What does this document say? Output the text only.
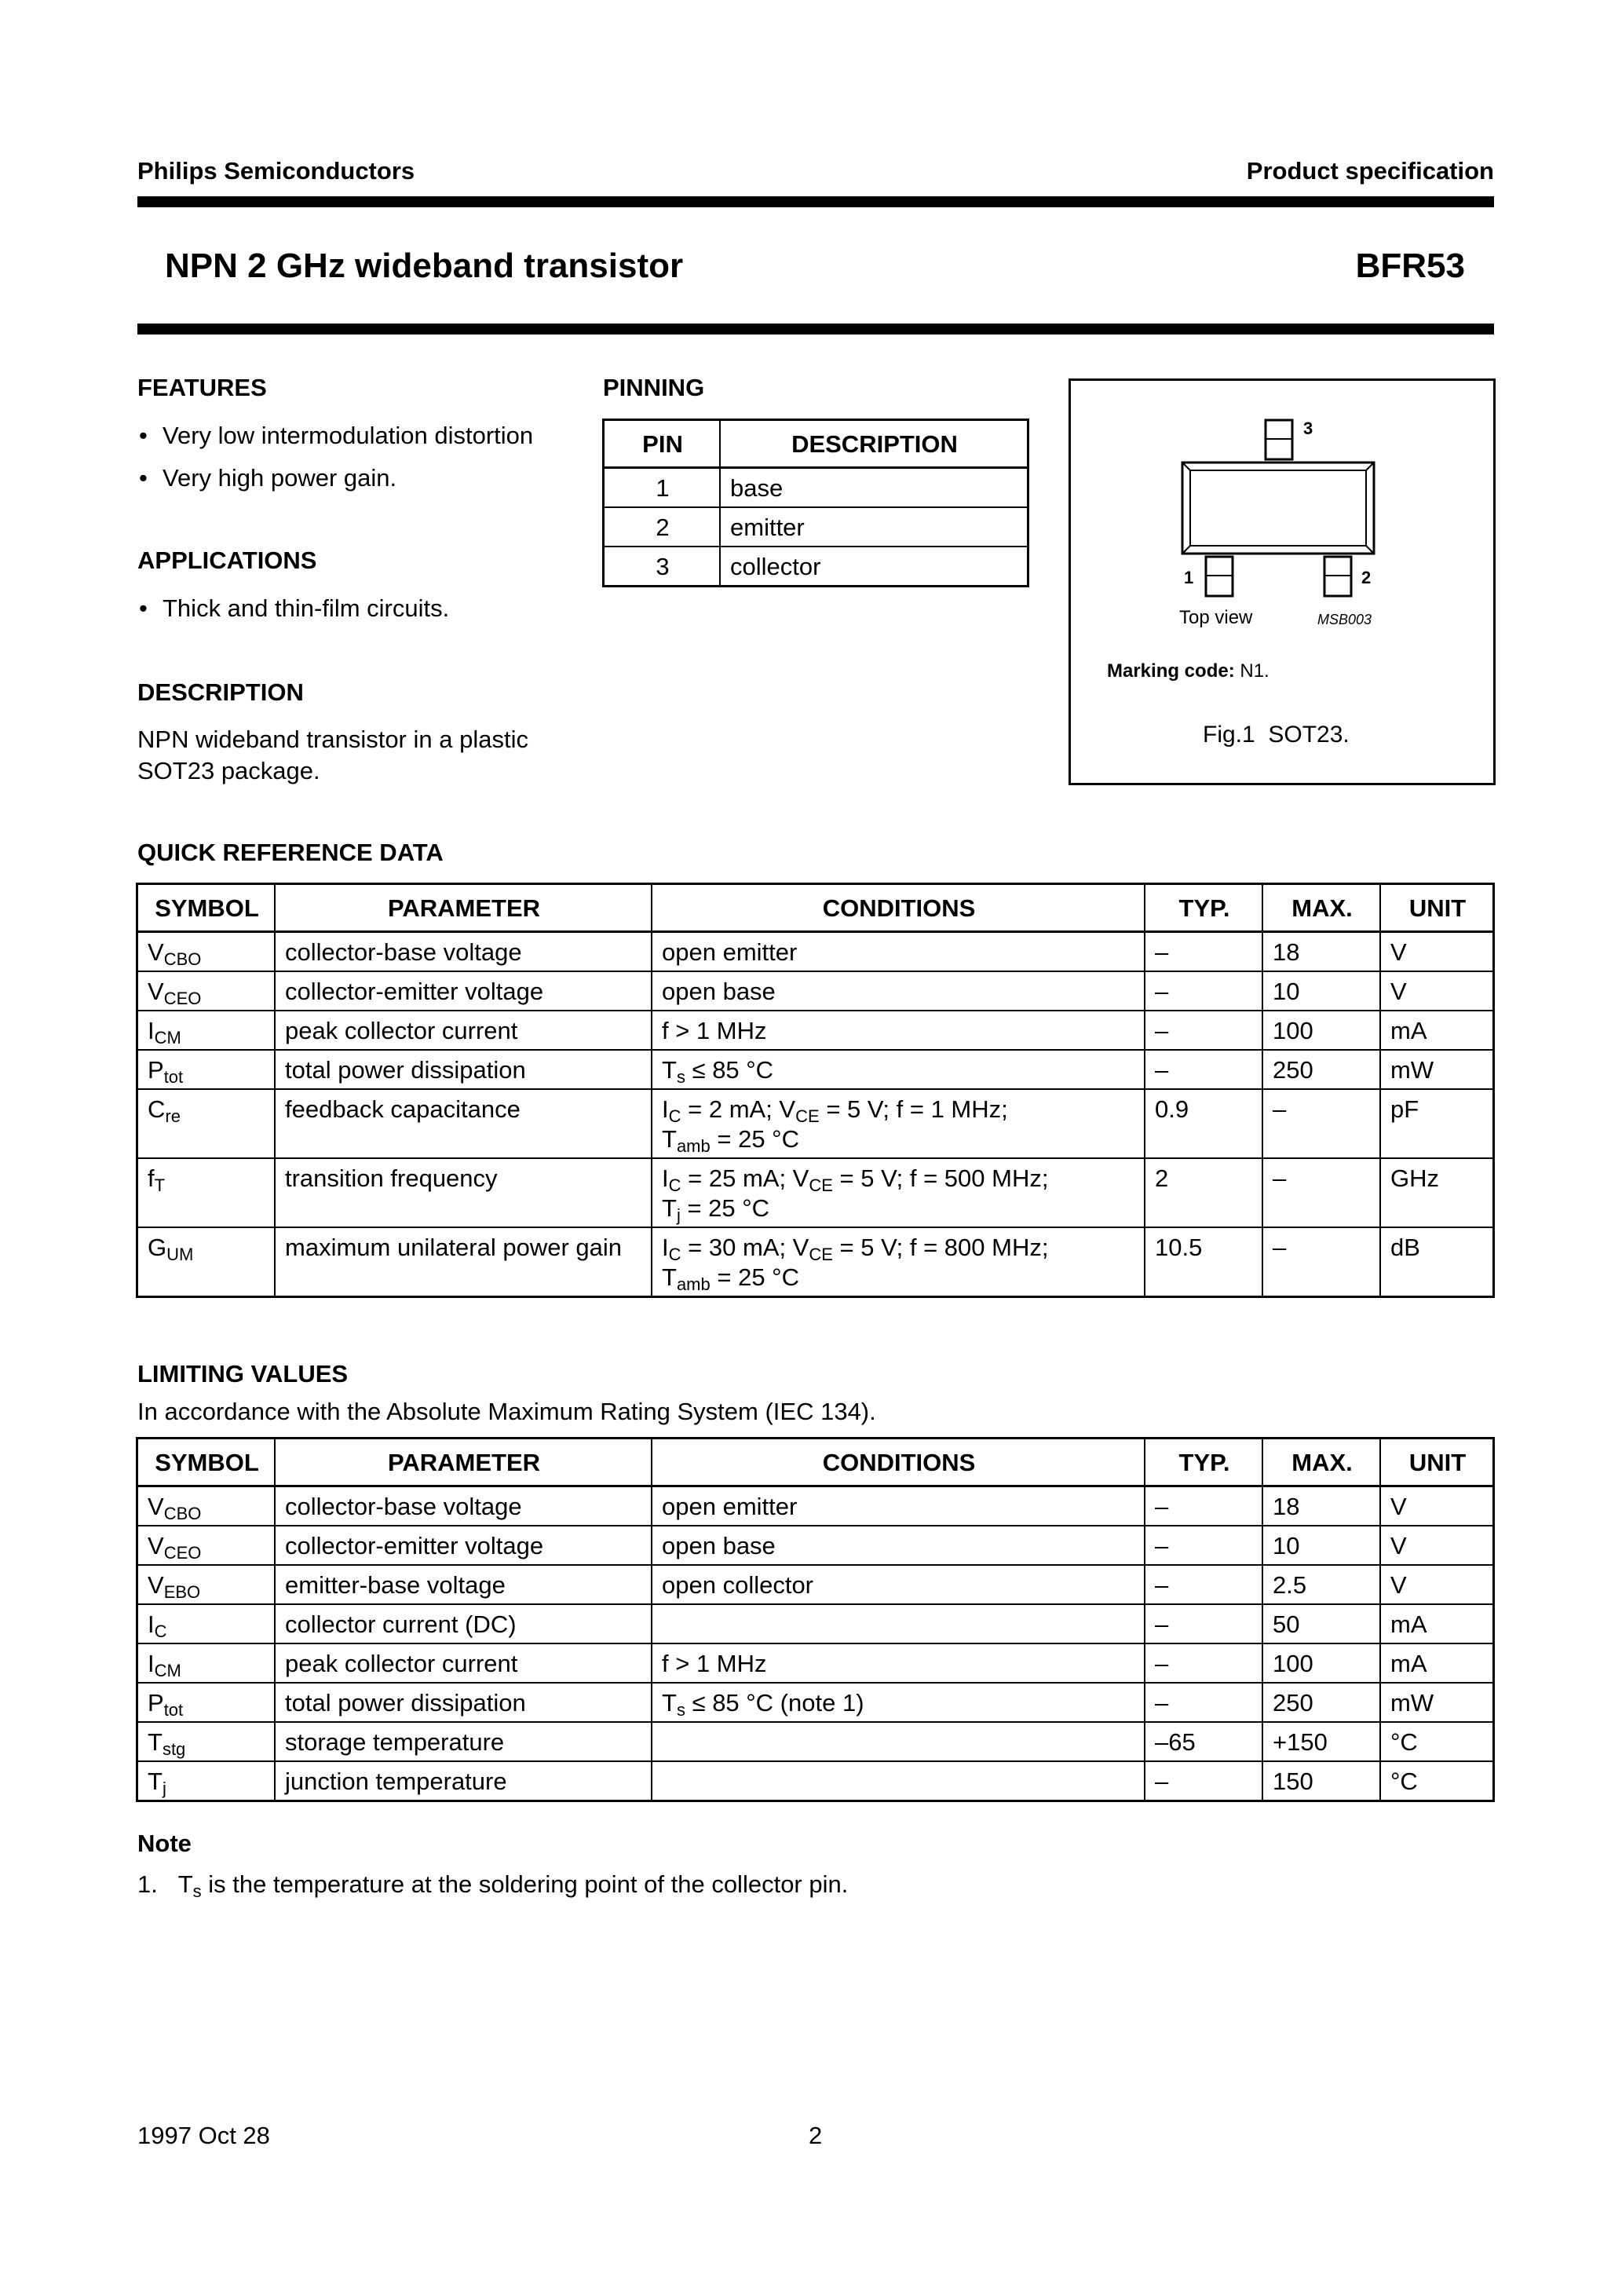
Philips Semiconductors	Product specification
NPN 2 GHz wideband transistor	BFR53
FEATURES
• Very low intermodulation distortion
• Very high power gain.
APPLICATIONS
• Thick and thin-film circuits.
DESCRIPTION
NPN wideband transistor in a plastic
SOT23 package.
PINNING
PIN	DESCRIPTION
1	base
2	emitter
3	collector
3
1	2
Top view	MSB003
Marking code: N1.
Fig.1 SOT23.
QUICK REFERENCE DATA
SYMBOL	PARAMETER	CONDITIONS	TYP.	MAX.	UNIT
$V_{CBO}$	collector-base voltage	open emitter	–	18	V
$V_{CEO}$	collector-emitter voltage	open base	–	10	V
$I_{CM}$	peak collector current	f > 1 MHz	–	100	mA
$P_{tot}$	total power dissipation	$T_s \le 85$ °C	–	250	mW
$C_{re}$	feedback capacitance	$I_C = 2$ mA; $V_{CE} = 5$ V; f = 1 MHz;
$T_{amb} = 25$ °C	0.9	–	pF
$f_T$	transition frequency	$I_C = 25$ mA; $V_{CE} = 5$ V; f = 500 MHz;
$T_j = 25$ °C	2	–	GHz
$G_{UM}$	maximum unilateral power gain	$I_C = 30$ mA; $V_{CE} = 5$ V; f = 800 MHz;
$T_{amb} = 25$ °C	10.5	–	dB
LIMITING VALUES
In accordance with the Absolute Maximum Rating System (IEC 134).
SYMBOL	PARAMETER	CONDITIONS	TYP.	MAX.	UNIT
$V_{CBO}$	collector-base voltage	open emitter	–	18	V
$V_{CEO}$	collector-emitter voltage	open base	–	10	V
$V_{EBO}$	emitter-base voltage	open collector	–	2.5	V
$I_C$	collector current (DC)		–	50	mA
$I_{CM}$	peak collector current	f > 1 MHz	–	100	mA
$P_{tot}$	total power dissipation	$T_s \le 85$ °C (note 1)	–	250	mW
$T_{stg}$	storage temperature		–65	+150	°C
$T_j$	junction temperature		–	150	°C
Note
1. $T_s$ is the temperature at the soldering point of the collector pin.
1997 Oct 28	2
